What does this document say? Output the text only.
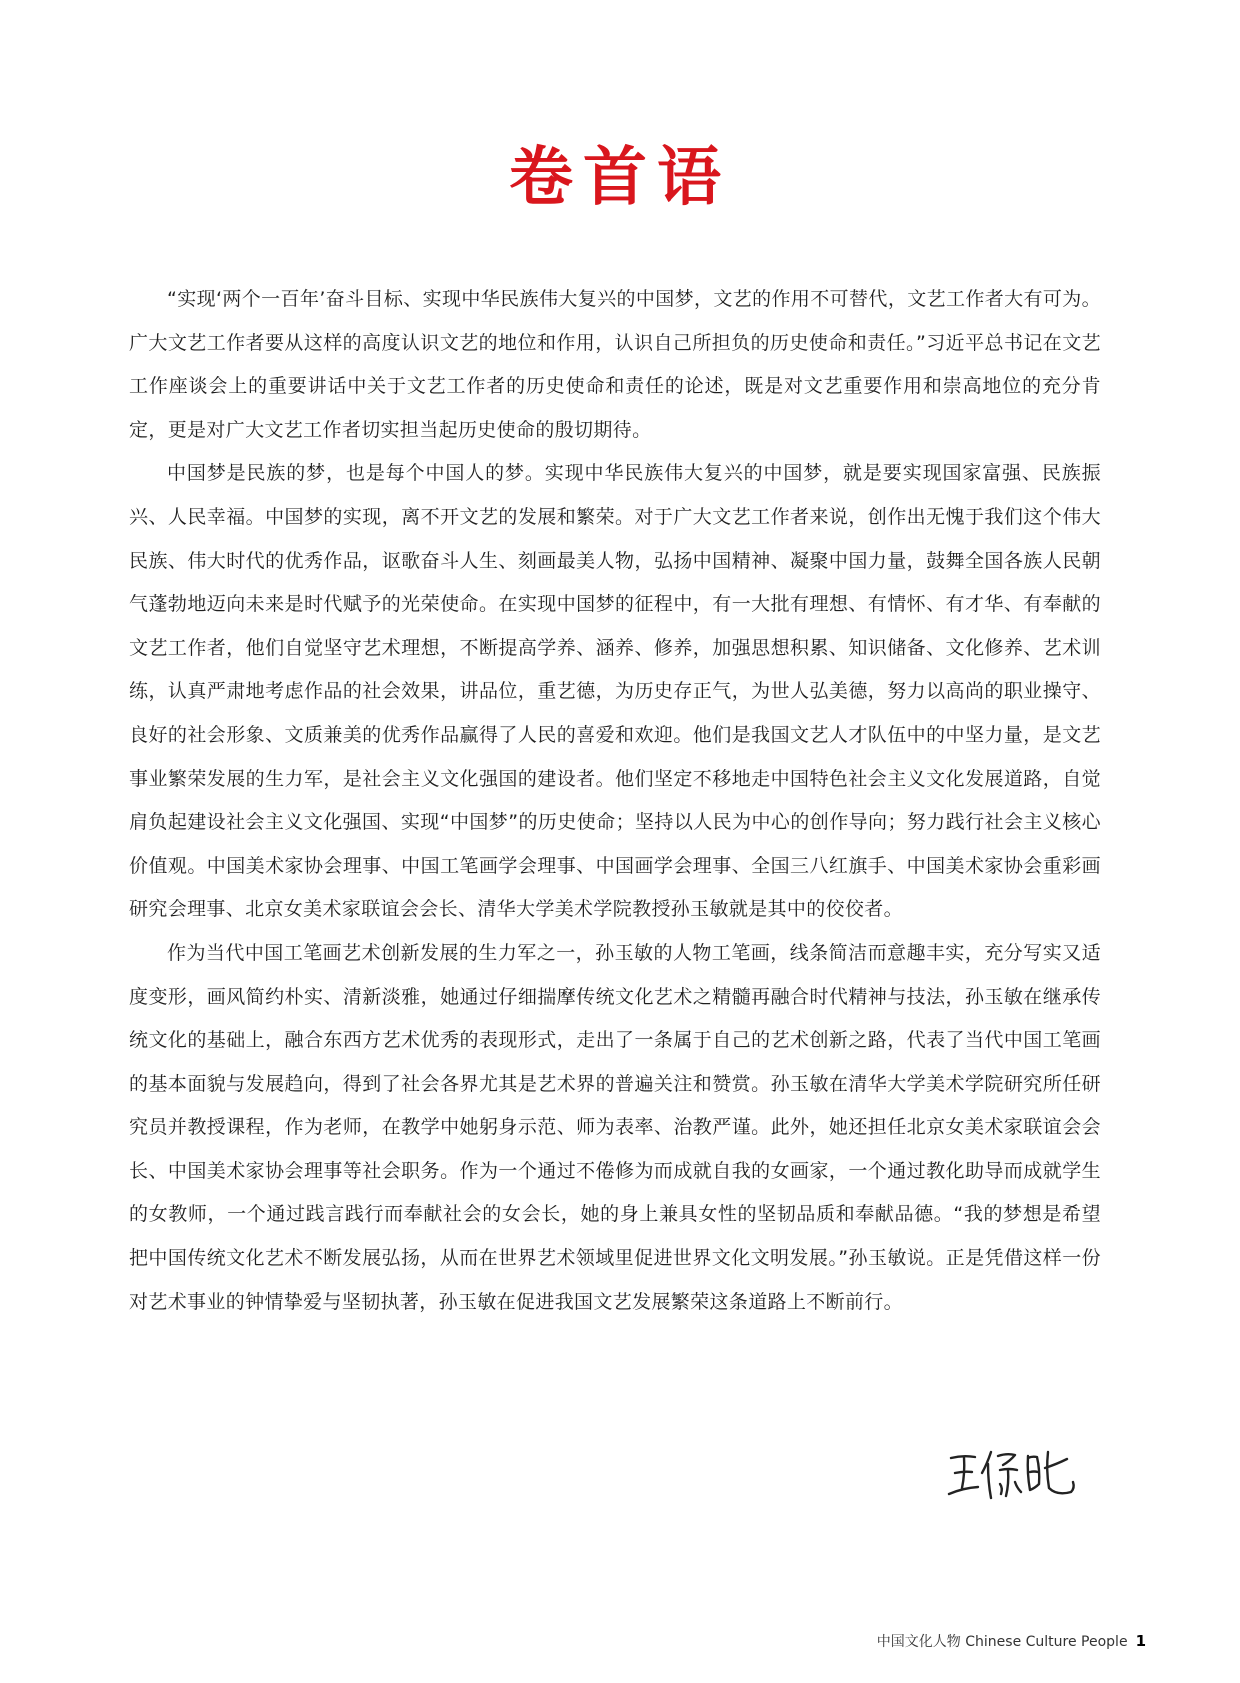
卷首语

“实现‘两个一百年’奋斗目标、实现中华民族伟大复兴的中国梦，文艺的作用不可替代，文艺工作者大有可为。广大文艺工作者要从这样的高度认识文艺的地位和作用，认识自己所担负的历史使命和责任。”习近平总书记在文艺工作座谈会上的重要讲话中关于文艺工作者的历史使命和责任的论述，既是对文艺重要作用和崇高地位的充分肯定，更是对广大文艺工作者切实担当起历史使命的殷切期待。

中国梦是民族的梦，也是每个中国人的梦。实现中华民族伟大复兴的中国梦，就是要实现国家富强、民族振兴、人民幸福。中国梦的实现，离不开文艺的发展和繁荣。对于广大文艺工作者来说，创作出无愧于我们这个伟大民族、伟大时代的优秀作品，讴歌奋斗人生、刻画最美人物，弘扬中国精神、凝聚中国力量，鼓舞全国各族人民朝气蓬勃地迈向未来是时代赋予的光荣使命。在实现中国梦的征程中，有一大批有理想、有情怀、有才华、有奉献的文艺工作者，他们自觉坚守艺术理想，不断提高学养、涵养、修养，加强思想积累、知识储备、文化修养、艺术训练，认真严肃地考虑作品的社会效果，讲品位，重艺德，为历史存正气，为世人弘美德，努力以高尚的职业操守、良好的社会形象、文质兼美的优秀作品赢得了人民的喜爱和欢迎。他们是我国文艺人才队伍中的中坚力量，是文艺事业繁荣发展的生力军，是社会主义文化强国的建设者。他们坚定不移地走中国特色社会主义文化发展道路，自觉肩负起建设社会主义文化强国、实现“中国梦”的历史使命；坚持以人民为中心的创作导向；努力践行社会主义核心价值观。中国美术家协会理事、中国工笔画学会理事、中国画学会理事、全国三八红旗手、中国美术家协会重彩画研究会理事、北京女美术家联谊会会长、清华大学美术学院教授孙玉敏就是其中的佼佼者。

作为当代中国工笔画艺术创新发展的生力军之一，孙玉敏的人物工笔画，线条简洁而意趣丰实，充分写实又适度变形，画风简约朴实、清新淡雅，她通过仔细揣摩传统文化艺术之精髓再融合时代精神与技法，孙玉敏在继承传统文化的基础上，融合东西方艺术优秀的表现形式，走出了一条属于自己的艺术创新之路，代表了当代中国工笔画的基本面貌与发展趋向，得到了社会各界尤其是艺术界的普遍关注和赞赏。孙玉敏在清华大学美术学院研究所任研究员并教授课程，作为老师，在教学中她躬身示范、师为表率、治教严谨。此外，她还担任北京女美术家联谊会会长、中国美术家协会理事等社会职务。作为一个通过不倦修为而成就自我的女画家，一个通过教化助导而成就学生的女教师，一个通过践言践行而奉献社会的女会长，她的身上兼具女性的坚韧品质和奉献品德。“我的梦想是希望把中国传统文化艺术不断发展弘扬，从而在世界艺术领域里促进世界文化文明发展。”孙玉敏说。正是凭借这样一份对艺术事业的钟情挚爱与坚韧执著，孙玉敏在促进我国文艺发展繁荣这条道路上不断前行。

中国文化人物 Chinese Culture People 1
